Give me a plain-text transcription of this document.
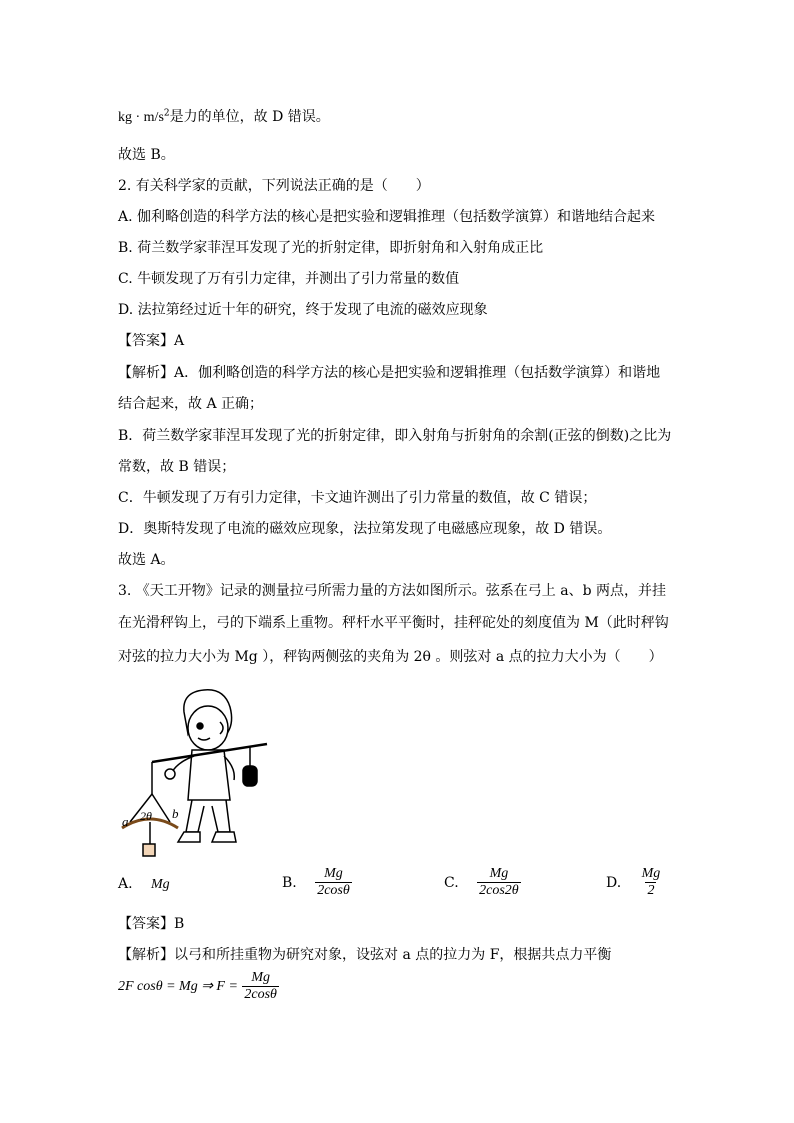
kg · $m/s^2$是力的单位，故 D 错误。
故选 B。
2. 有关科学家的贡献，下列说法正确的是（　　）
A. 伽利略创造的科学方法的核心是把实验和逻辑推理（包括数学演算）和谐地结合起来
B. 荷兰数学家菲涅耳发现了光的折射定律，即折射角和入射角成正比
C. 牛顿发现了万有引力定律，并测出了引力常量的数值
D. 法拉第经过近十年的研究，终于发现了电流的磁效应现象
【答案】A
【解析】A．伽利略创造的科学方法的核心是把实验和逻辑推理（包括数学演算）和谐地
结合起来，故 A 正确；
B．荷兰数学家菲涅耳发现了光的折射定律，即入射角与折射角的余割(正弦的倒数)之比为
常数，故 B 错误；
C．牛顿发现了万有引力定律，卡文迪许测出了引力常量的数值，故 C 错误；
D．奥斯特发现了电流的磁效应现象，法拉第发现了电磁感应现象，故 D 错误。
故选 A。
3. 《天工开物》记录的测量拉弓所需力量的方法如图所示。弦系在弓上 a、b 两点，并挂
在光滑秤钩上，弓的下端系上重物。秤杆水平平衡时，挂秤砣处的刻度值为 M（此时秤钩
对弦的拉力大小为 Mg ），秤钩两侧弦的夹角为 2θ 。则弦对 a 点的拉力大小为（　　）
a
b
2θ
A. Mg	B. $\frac{Mg}{2\cos\theta}$	C. $\frac{Mg}{2\cos 2\theta}$	D. $\frac{Mg}{2}$
【答案】B
【解析】以弓和所挂重物为研究对象，设弦对 a 点的拉力为 F，根据共点力平衡
2F cosθ = Mg ⇒ $F = \frac{Mg}{2\cos\theta}$
